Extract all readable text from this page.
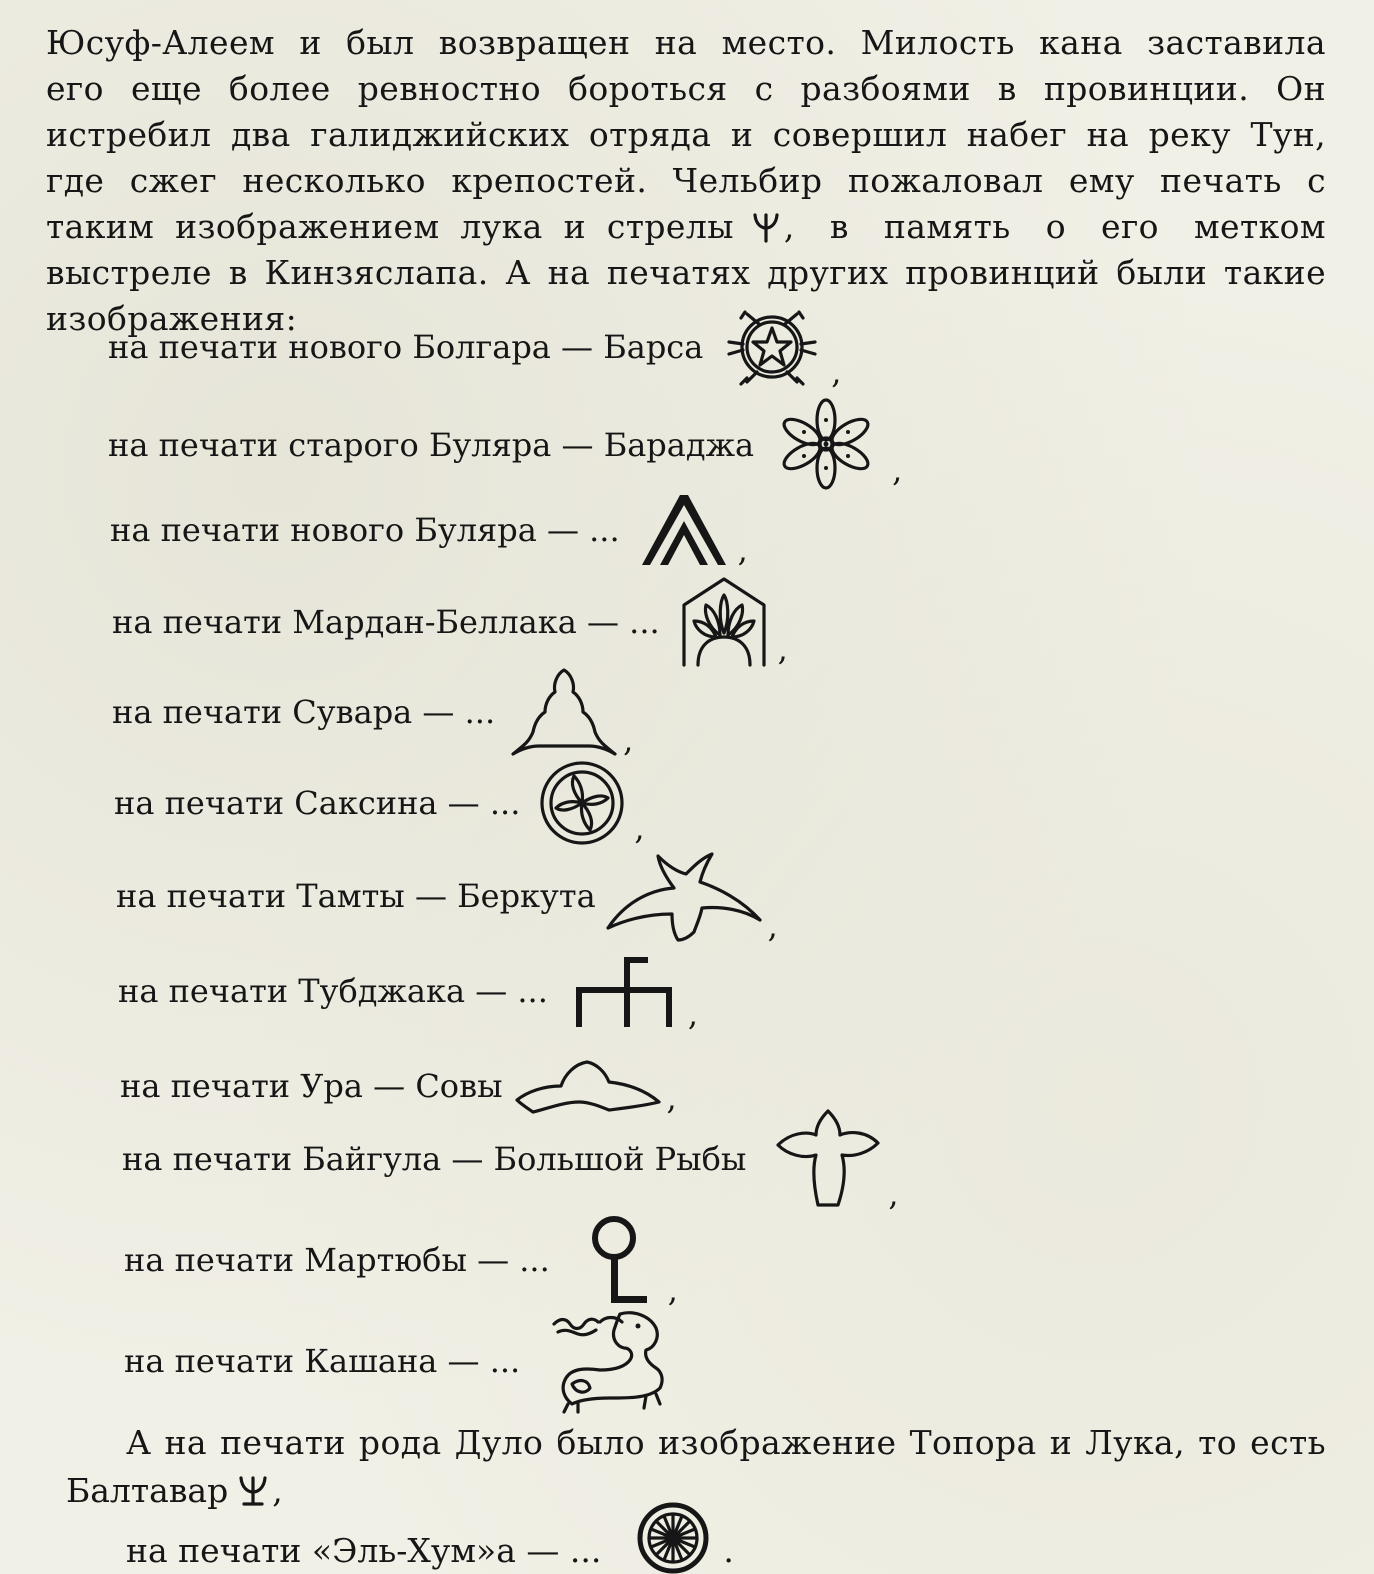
Юсуф-Алеем и был возвращен на место. Милость кана заставила
его еще более ревностно бороться с разбоями в провинции. Он
истребил два галиджийских отряда и совершил набег на реку Тун,
где сжег несколько крепостей. Чельбир пожаловал ему печать с
таким изображением лука и стрелы , в память о его метком
выстреле в Кинзяслапа. А на печатях других провинций были такие
изображения:
на печати нового Болгара — Барса
,
на печати старого Буляра — Бараджа
,
на печати нового Буляра — ...
,
на печати Мардан-Беллака — ...
,
на печати Сувара — ...
,
на печати Саксина — ...
,
на печати Тамты — Беркута
,
на печати Тубджака — ...
,
на печати Ура — Совы	,
на печати Байгула — Большой Рыбы
,
на печати Мартюбы — ...
,
на печати Кашана — ...
А на печати рода Дуло было изображение Топора и Лука, то есть
Балтавар ,
на печати «Эль-Хум»а — ...	.
